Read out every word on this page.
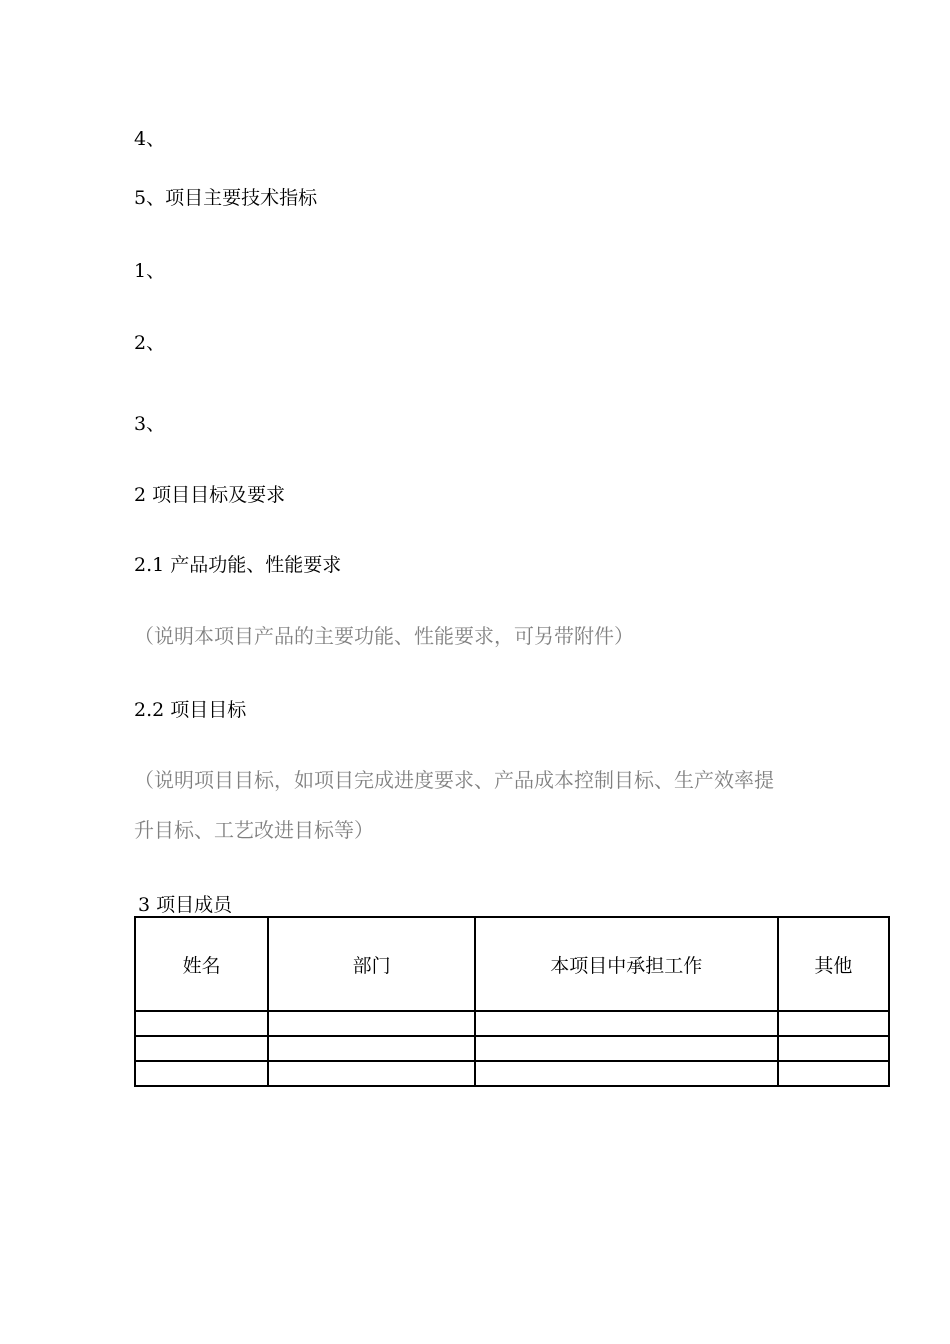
4、
5、项目主要技术指标
1、
2、
3、
2 项目目标及要求
2.1 产品功能、性能要求
（说明本项目产品的主要功能、性能要求，可另带附件）
2.2 项目目标
（说明项目目标，如项目完成进度要求、产品成本控制目标、生产效率提
升目标、工艺改进目标等）
3 项目成员
姓名	部门	本项目中承担工作	其他
